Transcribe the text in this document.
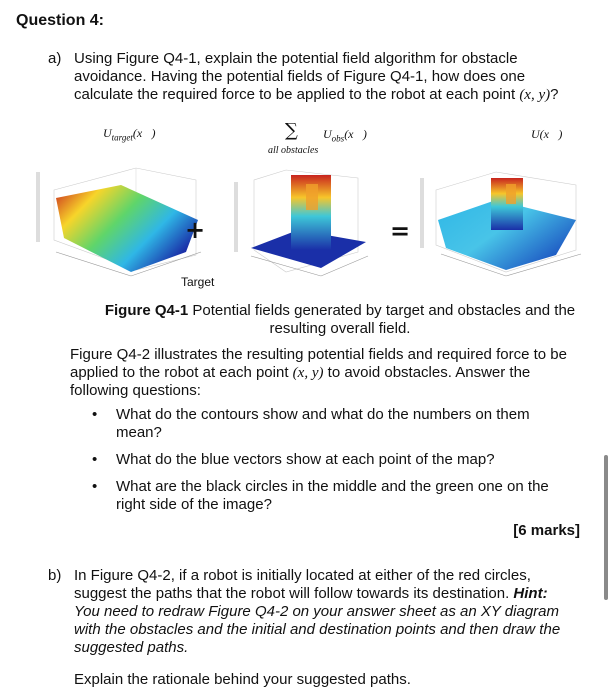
Question 4:
a) Using Figure Q4-1, explain the potential field algorithm for obstacle
avoidance. Having the potential fields of Figure Q4-1, how does one
calculate the required force to be applied to the robot at each point (x, y)?
$U_{target}(x⃗)$	∑ $U_{obs}(x⃗)$
all obstacles
U(x⃗)
+	=
Target
Figure Q4-1 Potential fields generated by target and obstacles and the
resulting overall field.
Figure Q4-2 illustrates the resulting potential fields and required force to be
applied to the robot at each point (x, y) to avoid obstacles. Answer the
following questions:
• What do the contours show and what do the numbers on them
mean?
• What do the blue vectors show at each point of the map?
• What are the black circles in the middle and the green one on the
right side of the image?
[6 marks]
b) In Figure Q4-2, if a robot is initially located at either of the red circles,
suggest the paths that the robot will follow towards its destination. Hint:
You need to redraw Figure Q4-2 on your answer sheet as an XY diagram
with the obstacles and the initial and destination points and then draw the
suggested paths.
Explain the rationale behind your suggested paths.
